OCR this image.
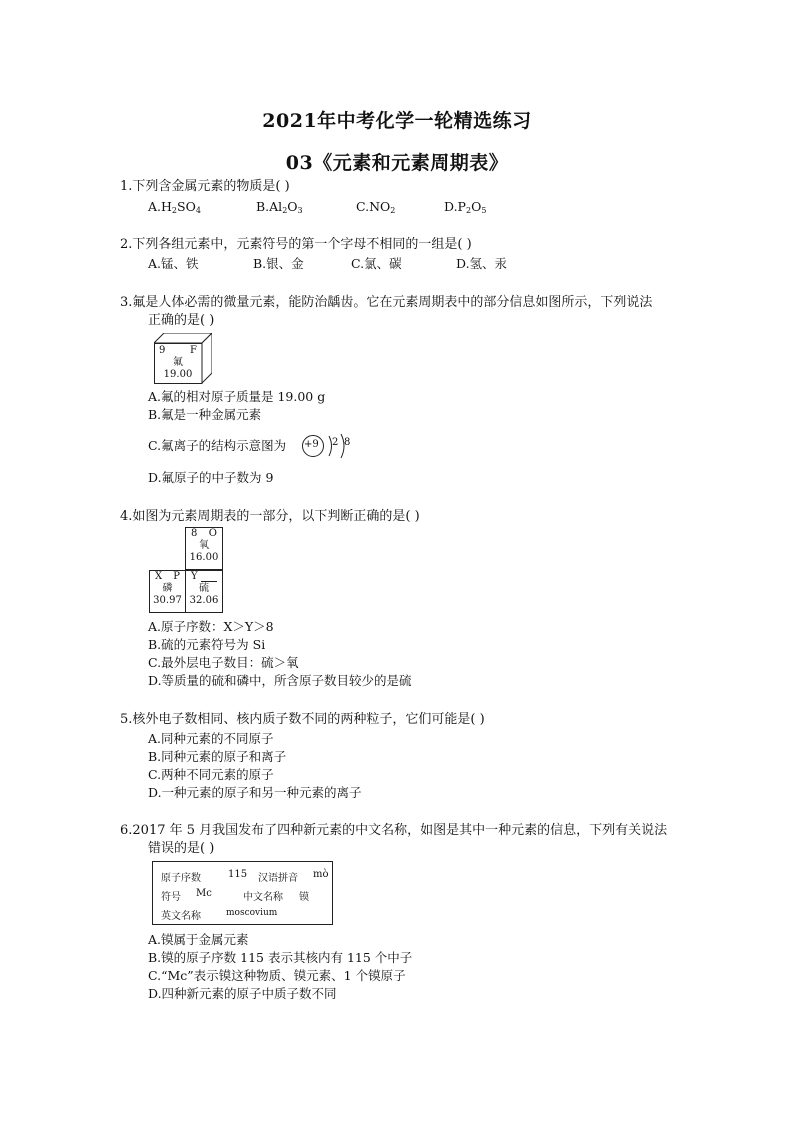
2021年中考化学一轮精选练习
03《元素和元素周期表》
1.下列含金属元素的物质是( )
$A.H_2SO_4$	$B.Al_2O_3$	$C.NO_2$	$D.P_2O_5$
2.下列各组元素中，元素符号的第一个字母不相同的一组是( )
A.锰、铁	B.银、金	C.氯、碳	D.氢、汞
3.氟是人体必需的微量元素，能防治龋齿。它在元素周期表中的部分信息如图所示，下列说法
正确的是( )
9 F
氟
19.00
A.氟的相对原子质量是 19.00 g
B.氟是一种金属元素
C.氟离子的结构示意图为 +9 2 8
D.氟原子的中子数为 9
4.如图为元素周期表的一部分，以下判断正确的是( )
8 O
氧
16.00
X P
磷
30.97
Y
硫
32.06
A.原子序数：X＞Y＞8
B.硫的元素符号为 Si
C.最外层电子数目：硫＞氧
D.等质量的硫和磷中，所含原子数目较少的是硫
5.核外电子数相同、核内质子数不同的两种粒子，它们可能是( )
A.同种元素的不同原子
B.同种元素的原子和离子
C.两种不同元素的原子
D.一种元素的原子和另一种元素的离子
6.2017 年 5 月我国发布了四种新元素的中文名称，如图是其中一种元素的信息，下列有关说法
错误的是( )
原子序数	115 汉语拼音 mò
符号 Mc	中文名称 镆
英文名称	moscovium
A.镆属于金属元素
B.镆的原子序数 115 表示其核内有 115 个中子
C.“Mc”表示镆这种物质、镆元素、1 个镆原子
D.四种新元素的原子中质子数不同
